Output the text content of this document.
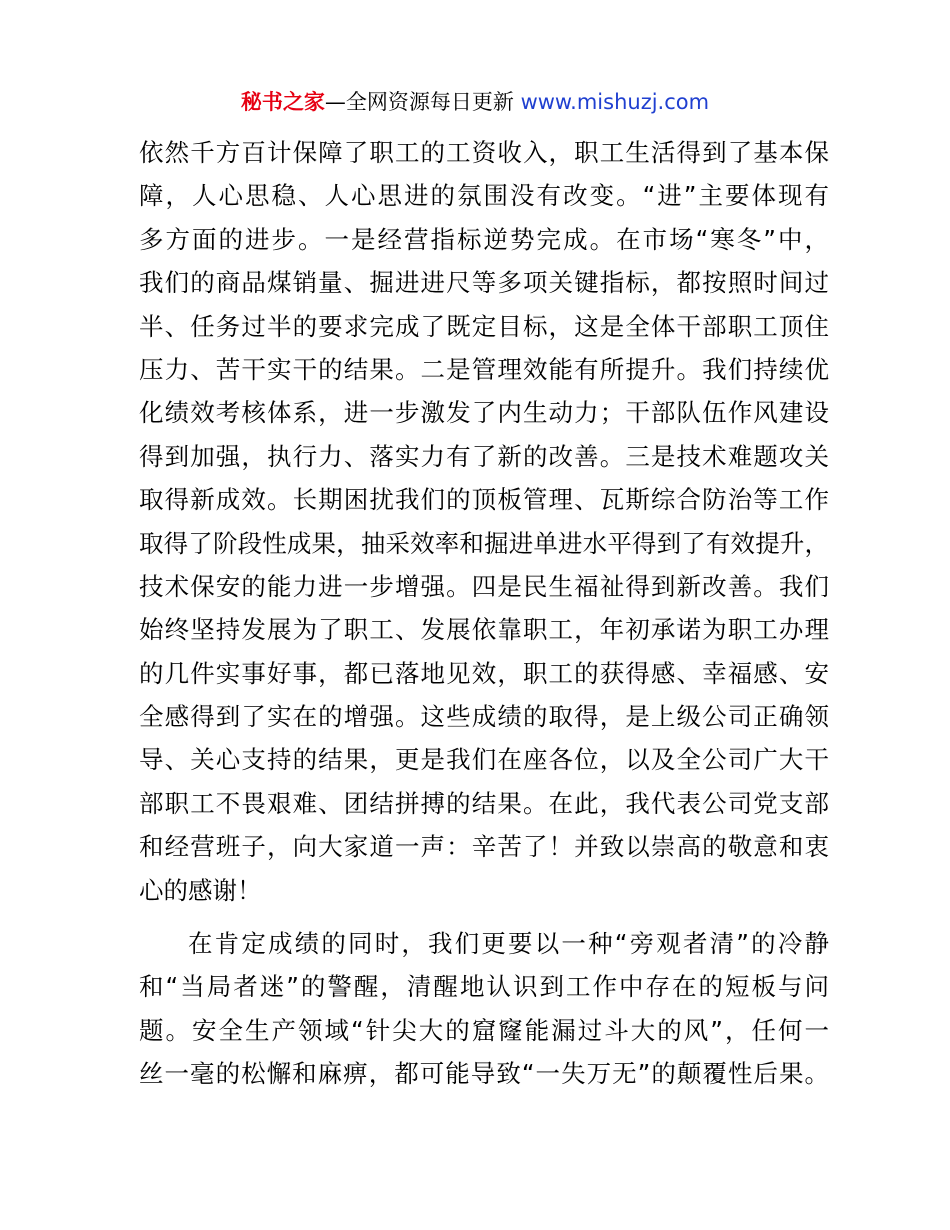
秘书之家—全网资源每日更新 www.mishuzj.com
依然千方百计保障了职工的工资收入，职工生活得到了基本保
障，人心思稳、人心思进的氛围没有改变。“进”主要体现有
多方面的进步。一是经营指标逆势完成。在市场“寒冬”中，
我们的商品煤销量、掘进进尺等多项关键指标，都按照时间过
半、任务过半的要求完成了既定目标，这是全体干部职工顶住
压力、苦干实干的结果。二是管理效能有所提升。我们持续优
化绩效考核体系，进一步激发了内生动力；干部队伍作风建设
得到加强，执行力、落实力有了新的改善。三是技术难题攻关
取得新成效。长期困扰我们的顶板管理、瓦斯综合防治等工作
取得了阶段性成果，抽采效率和掘进单进水平得到了有效提升，
技术保安的能力进一步增强。四是民生福祉得到新改善。我们
始终坚持发展为了职工、发展依靠职工，年初承诺为职工办理
的几件实事好事，都已落地见效，职工的获得感、幸福感、安
全感得到了实在的增强。这些成绩的取得，是上级公司正确领
导、关心支持的结果，更是我们在座各位，以及全公司广大干
部职工不畏艰难、团结拼搏的结果。在此，我代表公司党支部
和经营班子，向大家道一声：辛苦了！并致以崇高的敬意和衷
心的感谢！
在肯定成绩的同时，我们更要以一种“旁观者清”的冷静
和“当局者迷”的警醒，清醒地认识到工作中存在的短板与问
题。安全生产领域“针尖大的窟窿能漏过斗大的风”，任何一
丝一毫的松懈和麻痹，都可能导致“一失万无”的颠覆性后果。
